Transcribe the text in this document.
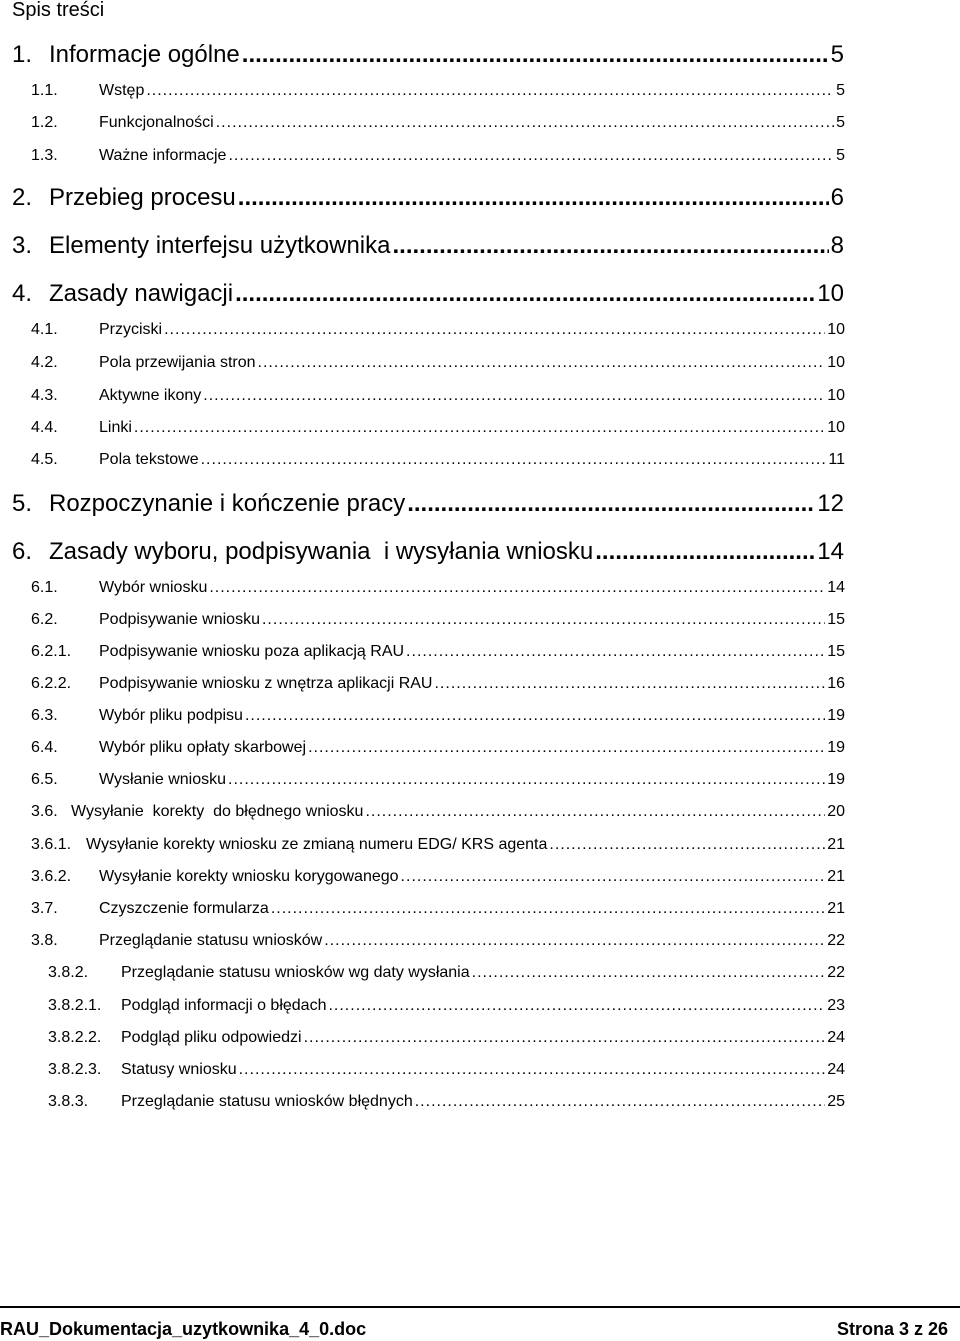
Spis treści
1. Informacje ogólne .....	5
1.1.	Wstęp .....	5
1.2.	Funkcjonalności .....	5
1.3.	Ważne informacje .....	5
2. Przebieg procesu .....	6
3. Elementy interfejsu użytkownika .....	8
4. Zasady nawigacji .....	10
4.1.	Przyciski .....	10
4.2.	Pola przewijania stron .....	10
4.3.	Aktywne ikony .....	10
4.4.	Linki .....	10
4.5.	Pola tekstowe .....	11
5. Rozpoczynanie i kończenie pracy .....	12
6. Zasady wyboru, podpisywania  i wysyłania wniosku .....	14
6.1.	Wybór wniosku .....	14
6.2.	Podpisywanie wniosku .....	15
6.2.1.	Podpisywanie wniosku poza aplikacją RAU .....	15
6.2.2.	Podpisywanie wniosku z wnętrza aplikacji RAU .....	16
6.3.	Wybór pliku podpisu .....	19
6.4.	Wybór pliku opłaty skarbowej .....	19
6.5.	Wysłanie wniosku .....	19
3.6. Wysyłanie  korekty  do błędnego wniosku .....	20
3.6.1. Wysyłanie korekty wniosku ze zmianą numeru EDG/ KRS agenta .....	21
3.6.2.	Wysyłanie korekty wniosku korygowanego .....	21
3.7.	Czyszczenie formularza .....	21
3.8.	Przeglądanie statusu wniosków .....	22
3.8.2.	Przeglądanie statusu wniosków wg daty wysłania .....	22
3.8.2.1.	Podgląd informacji o błędach .....	23
3.8.2.2.	Podgląd pliku odpowiedzi .....	24
3.8.2.3.	Statusy wniosku .....	24
3.8.3.	Przeglądanie statusu wniosków błędnych .....	25
RAU_Dokumentacja_uzytkownika_4_0.doc	Strona 3 z 26
